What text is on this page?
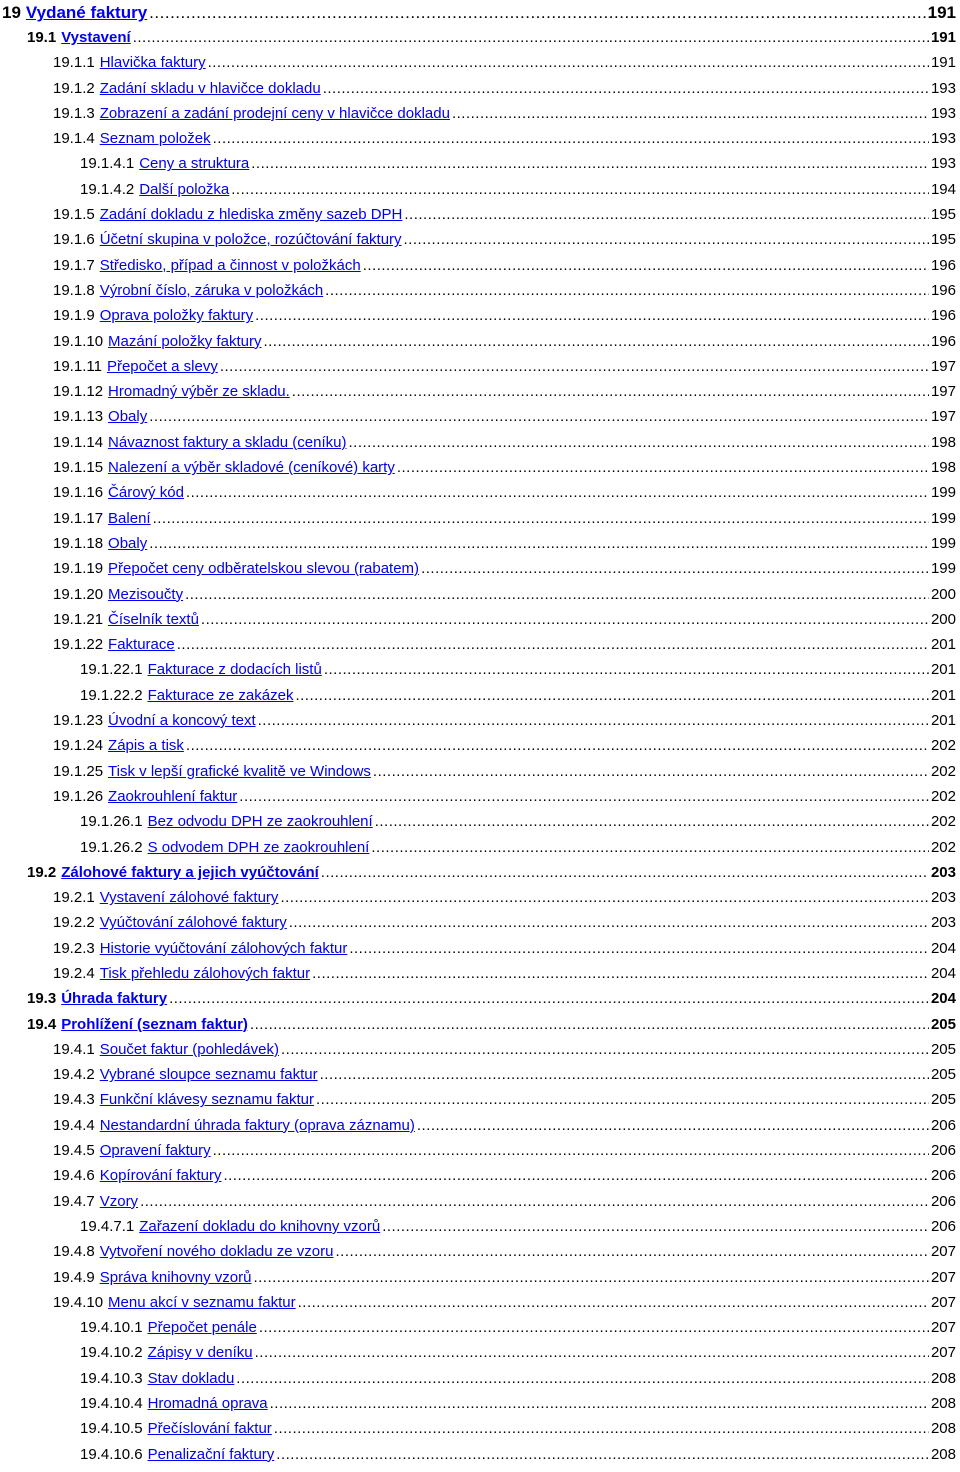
19 Vydané faktury .....	191
19.1 Vystavení .....	191
19.1.1 Hlavička faktury .....	191
19.1.2 Zadání skladu v hlavičce dokladu .....	193
19.1.3 Zobrazení a zadání prodejní ceny v hlavičce dokladu .....	193
19.1.4 Seznam položek .....	193
19.1.4.1 Ceny a struktura .....	193
19.1.4.2 Další položka .....	194
19.1.5 Zadání dokladu z hlediska změny sazeb DPH .....	195
19.1.6 Účetní skupina v položce, rozúčtování faktury .....	195
19.1.7 Středisko, případ a činnost v položkách .....	196
19.1.8 Výrobní číslo, záruka v položkách .....	196
19.1.9 Oprava položky faktury .....	196
19.1.10 Mazání položky faktury .....	196
19.1.11 Přepočet a slevy .....	197
19.1.12 Hromadný výběr ze skladu. .....	197
19.1.13 Obaly .....	197
19.1.14 Návaznost faktury a skladu (ceníku) .....	198
19.1.15 Nalezení a výběr skladové (ceníkové) karty .....	198
19.1.16 Čárový kód .....	199
19.1.17 Balení .....	199
19.1.18 Obaly .....	199
19.1.19 Přepočet ceny odběratelskou slevou (rabatem) .....	199
19.1.20 Mezisoučty .....	200
19.1.21 Číselník textů .....	200
19.1.22 Fakturace .....	201
19.1.22.1 Fakturace z dodacích listů .....	201
19.1.22.2 Fakturace ze zakázek .....	201
19.1.23 Úvodní a koncový text .....	201
19.1.24 Zápis a tisk .....	202
19.1.25 Tisk v lepší grafické kvalitě ve Windows .....	202
19.1.26 Zaokrouhlení faktur .....	202
19.1.26.1 Bez odvodu DPH ze zaokrouhlení .....	202
19.1.26.2 S odvodem DPH ze zaokrouhlení .....	202
19.2 Zálohové faktury a jejich vyúčtování .....	203
19.2.1 Vystavení zálohové faktury .....	203
19.2.2 Vyúčtování zálohové faktury .....	203
19.2.3 Historie vyúčtování zálohových faktur .....	204
19.2.4 Tisk přehledu zálohových faktur .....	204
19.3 Úhrada faktury .....	204
19.4 Prohlížení (seznam faktur) .....	205
19.4.1 Součet faktur (pohledávek) .....	205
19.4.2 Vybrané sloupce seznamu faktur .....	205
19.4.3 Funkční klávesy seznamu faktur .....	205
19.4.4 Nestandardní úhrada faktury (oprava záznamu) .....	206
19.4.5 Opravení faktury .....	206
19.4.6 Kopírování faktury .....	206
19.4.7 Vzory .....	206
19.4.7.1 Zařazení dokladu do knihovny vzorů .....	206
19.4.8 Vytvoření nového dokladu ze vzoru .....	207
19.4.9 Správa knihovny vzorů .....	207
19.4.10 Menu akcí v seznamu faktur .....	207
19.4.10.1 Přepočet penále .....	207
19.4.10.2 Zápisy v deníku .....	207
19.4.10.3 Stav dokladu .....	208
19.4.10.4 Hromadná oprava .....	208
19.4.10.5 Přečíslování faktur .....	208
19.4.10.6 Penalizační faktury .....	208
